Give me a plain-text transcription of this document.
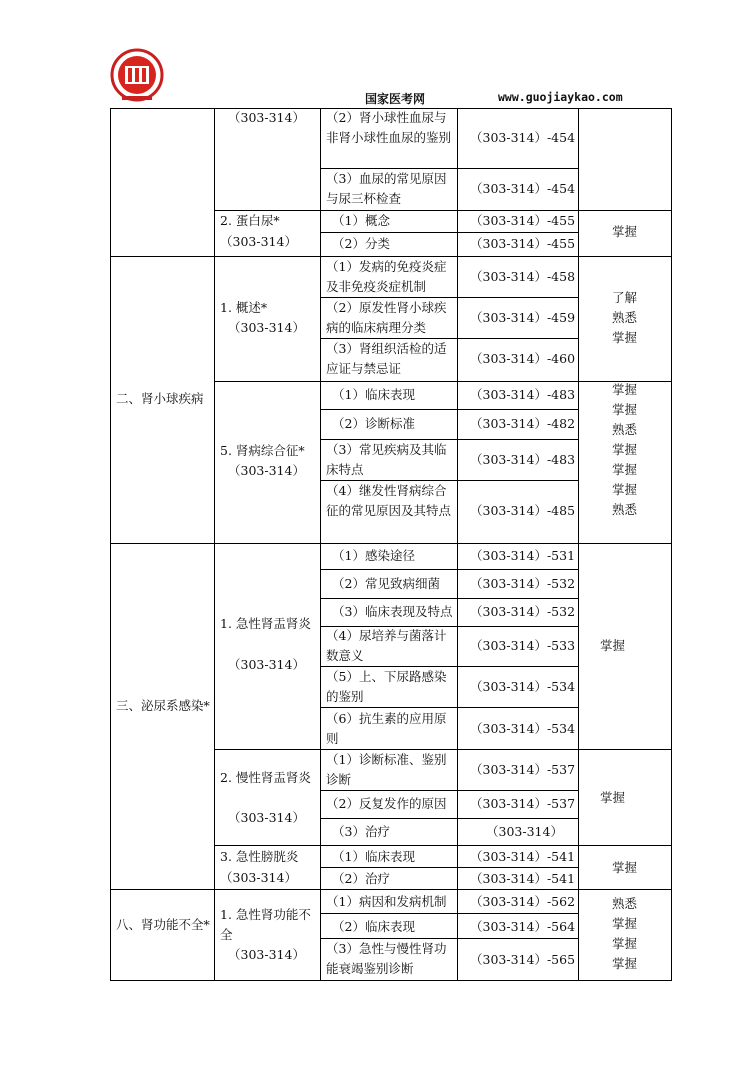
国家医考网	www.guojiaykao.com
（303-314） （2）肾小球性血尿与非肾小球性血尿的鉴别 （303-314）-454
（3）血尿的常见原因与尿三杯检查
（303-314）-454
2. 蛋白尿*
（303-314）
（1）概念
（2）分类
（303-314）-455
（303-314）-455
掌握
二、肾小球疾病
1. 概述*
（303-314）
（1）发病的免疫炎症及非免疫炎症机制
（2）原发性肾小球疾病的临床病理分类
（3）肾组织活检的适应证与禁忌证
（303-314）-458
（303-314）-459
（303-314）-460
了解
熟悉
掌握
5. 肾病综合征*
（303-314）
（1）临床表现
（2）诊断标准
（3）常见疾病及其临床特点
（4）继发性肾病综合征的常见原因及其特点
（303-314）-483
（303-314）-482
（303-314）-483
（303-314）-485
掌握
掌握
熟悉
掌握
掌握
掌握
熟悉
三、泌尿系感染*
1. 急性肾盂肾炎
（303-314）
（1）感染途径
（2）常见致病细菌
（3）临床表现及特点
（4）尿培养与菌落计数意义
（5）上、下尿路感染的鉴别
（6）抗生素的应用原则
（303-314）-531
（303-314）-532
（303-314）-532
（303-314）-533
（303-314）-534
（303-314）-534
掌握
2. 慢性肾盂肾炎
（303-314）
（1）诊断标准、鉴别诊断
（2）反复发作的原因
（3）治疗
（303-314）-537
（303-314）-537
（303-314）
掌握
3. 急性膀胱炎
（303-314）
（1）临床表现
（2）治疗
（303-314）-541
（303-314）-541
掌握
八、肾功能不全*
1. 急性肾功能不全
（303-314）
（1）病因和发病机制
（2）临床表现
（3）急性与慢性肾功能衰竭鉴别诊断
（303-314）-562
（303-314）-564
（303-314）-565
熟悉
掌握
掌握
掌握
